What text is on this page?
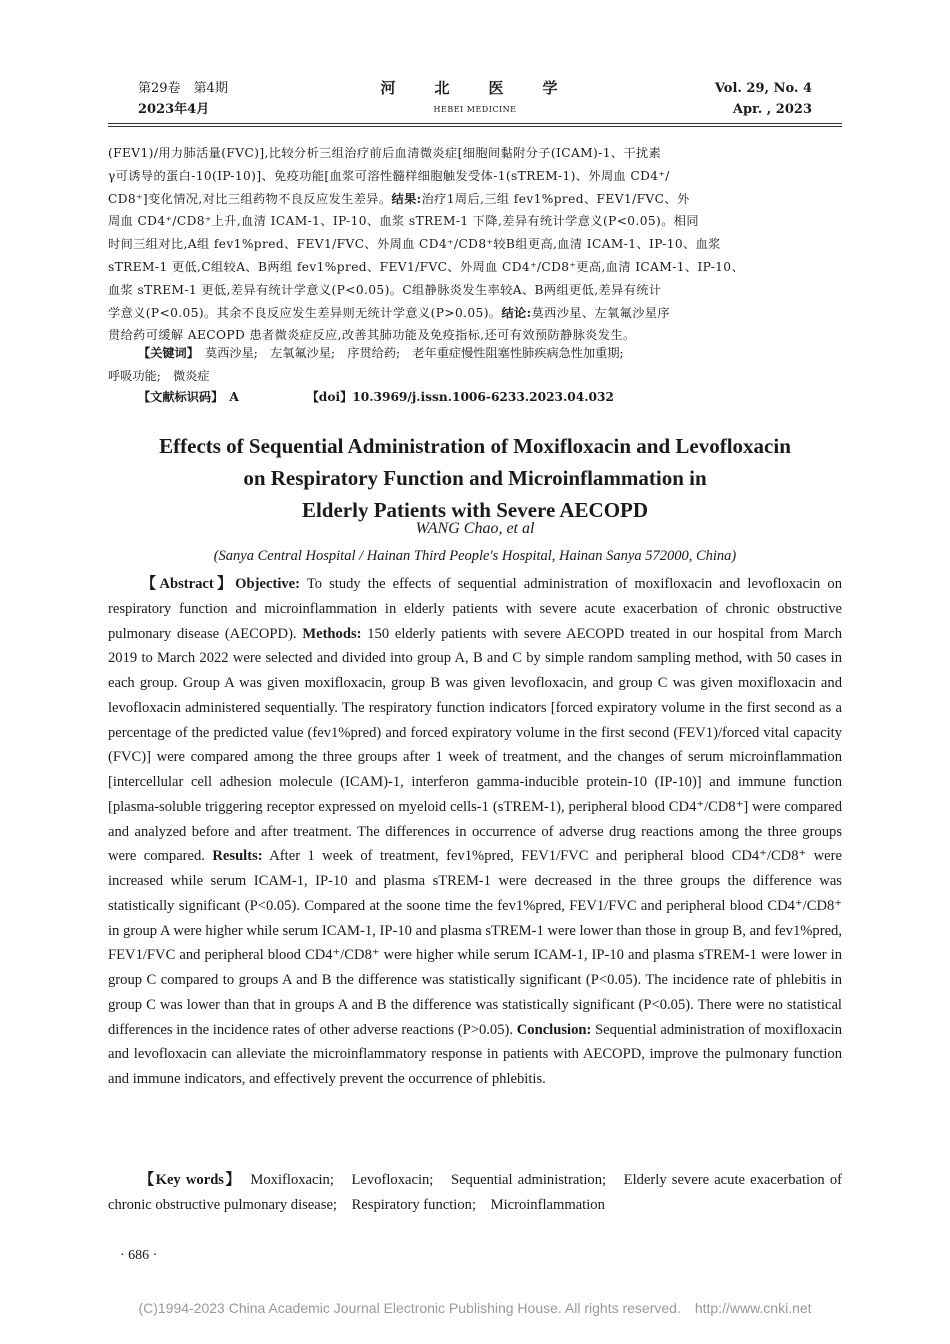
第29卷　第4期
2023年4月
河　北　医　学
HEBEI MEDICINE
Vol. 29, No. 4
Apr. , 2023
(FEV1)/用力肺活量(FVC)],比较分析三组治疗前后血清微炎症[细胞间黏附分子(ICAM)-1、干扰素
γ可诱导的蛋白-10(IP-10)]、免疫功能[血浆可溶性髓样细胞触发受体-1(sTREM-1)、外周血 CD4⁺/
CD8⁺]变化情况,对比三组药物不良反应发生差异。结果:治疗1周后,三组 fev1%pred、FEV1/FVC、外
周血 CD4⁺/CD8⁺上升,血清 ICAM-1、IP-10、血浆 sTREM-1 下降,差异有统计学意义(P<0.05)。相同
时间三组对比,A组 fev1%pred、FEV1/FVC、外周血 CD4⁺/CD8⁺较B组更高,血清 ICAM-1、IP-10、血浆
sTREM-1 更低,C组较A、B两组 fev1%pred、FEV1/FVC、外周血 CD4⁺/CD8⁺更高,血清 ICAM-1、IP-10、
血浆 sTREM-1 更低,差异有统计学意义(P<0.05)。C组静脉炎发生率较A、B两组更低,差异有统计
学意义(P<0.05)。其余不良反应发生差异则无统计学意义(P>0.05)。结论:莫西沙星、左氧氟沙星序
贯给药可缓解 AECOPD 患者微炎症反应,改善其肺功能及免疫指标,还可有效预防静脉炎发生。
【关键词】　 莫西沙星;　左氧氟沙星;　序贯给药;　老年重症慢性阻塞性肺疾病急性加重期;
呼吸功能;　微炎症
【文献标识码】　 A	【doi】10.3969/j.issn.1006-6233.2023.04.032
Effects of Sequential Administration of Moxifloxacin and Levofloxacin
on Respiratory Function and Microinflammation in
Elderly Patients with Severe AECOPD
WANG Chao, et al
(Sanya Central Hospital / Hainan Third People's Hospital, Hainan Sanya 572000, China)
【Abstract】Objective: To study the effects of sequential administration of moxifloxacin and levofloxacin on respiratory function and microinflammation in elderly patients with severe acute exacerbation of chronic obstructive pulmonary disease (AECOPD). Methods: 150 elderly patients with severe AECOPD treated in our hospital from March 2019 to March 2022 were selected and divided into group A, B and C by simple random sampling method, with 50 cases in each group. Group A was given moxifloxacin, group B was given levofloxacin, and group C was given moxifloxacin and levofloxacin administered sequentially. The respiratory function indicators [forced expiratory volume in the first second as a percentage of the predicted value (fev1%pred) and forced expiratory volume in the first second (FEV1)/forced vital capacity (FVC)] were compared among the three groups after 1 week of treatment, and the changes of serum microinflammation [intercellular cell adhesion molecule (ICAM)-1, interferon gamma-inducible protein-10 (IP-10)] and immune function [plasma-soluble triggering receptor expressed on myeloid cells-1 (sTREM-1), peripheral blood CD4⁺/CD8⁺] were compared and analyzed before and after treatment. The differences in occurrence of adverse drug reactions among the three groups were compared. Results: After 1 week of treatment, fev1%pred, FEV1/FVC and peripheral blood CD4⁺/CD8⁺ were increased while serum ICAM-1, IP-10 and plasma sTREM-1 were decreased in the three groups the difference was statistically significant (P<0.05). Compared at the soone time the fev1%pred, FEV1/FVC and peripheral blood CD4⁺/CD8⁺ in group A were higher while serum ICAM-1, IP-10 and plasma sTREM-1 were lower than those in group B, and fev1%pred, FEV1/FVC and peripheral blood CD4⁺/CD8⁺ were higher while serum ICAM-1, IP-10 and plasma sTREM-1 were lower in group C compared to groups A and B the difference was statistically significant (P<0.05). The incidence rate of phlebitis in group C was lower than that in groups A and B the difference was statistically significant (P<0.05). There were no statistical differences in the incidence rates of other adverse reactions (P>0.05). Conclusion: Sequential administration of moxifloxacin and levofloxacin can alleviate the microinflammatory response in patients with AECOPD, improve the pulmonary function and immune indicators, and effectively prevent the occurrence of phlebitis.
【Key words】　 Moxifloxacin;　Levofloxacin;　Sequential administration;　Elderly severe acute exacerbation of chronic obstructive pulmonary disease;　Respiratory function;　Microinflammation
· 686 ·
(C)1994-2023 China Academic Journal Electronic Publishing House. All rights reserved.　http://www.cnki.net
